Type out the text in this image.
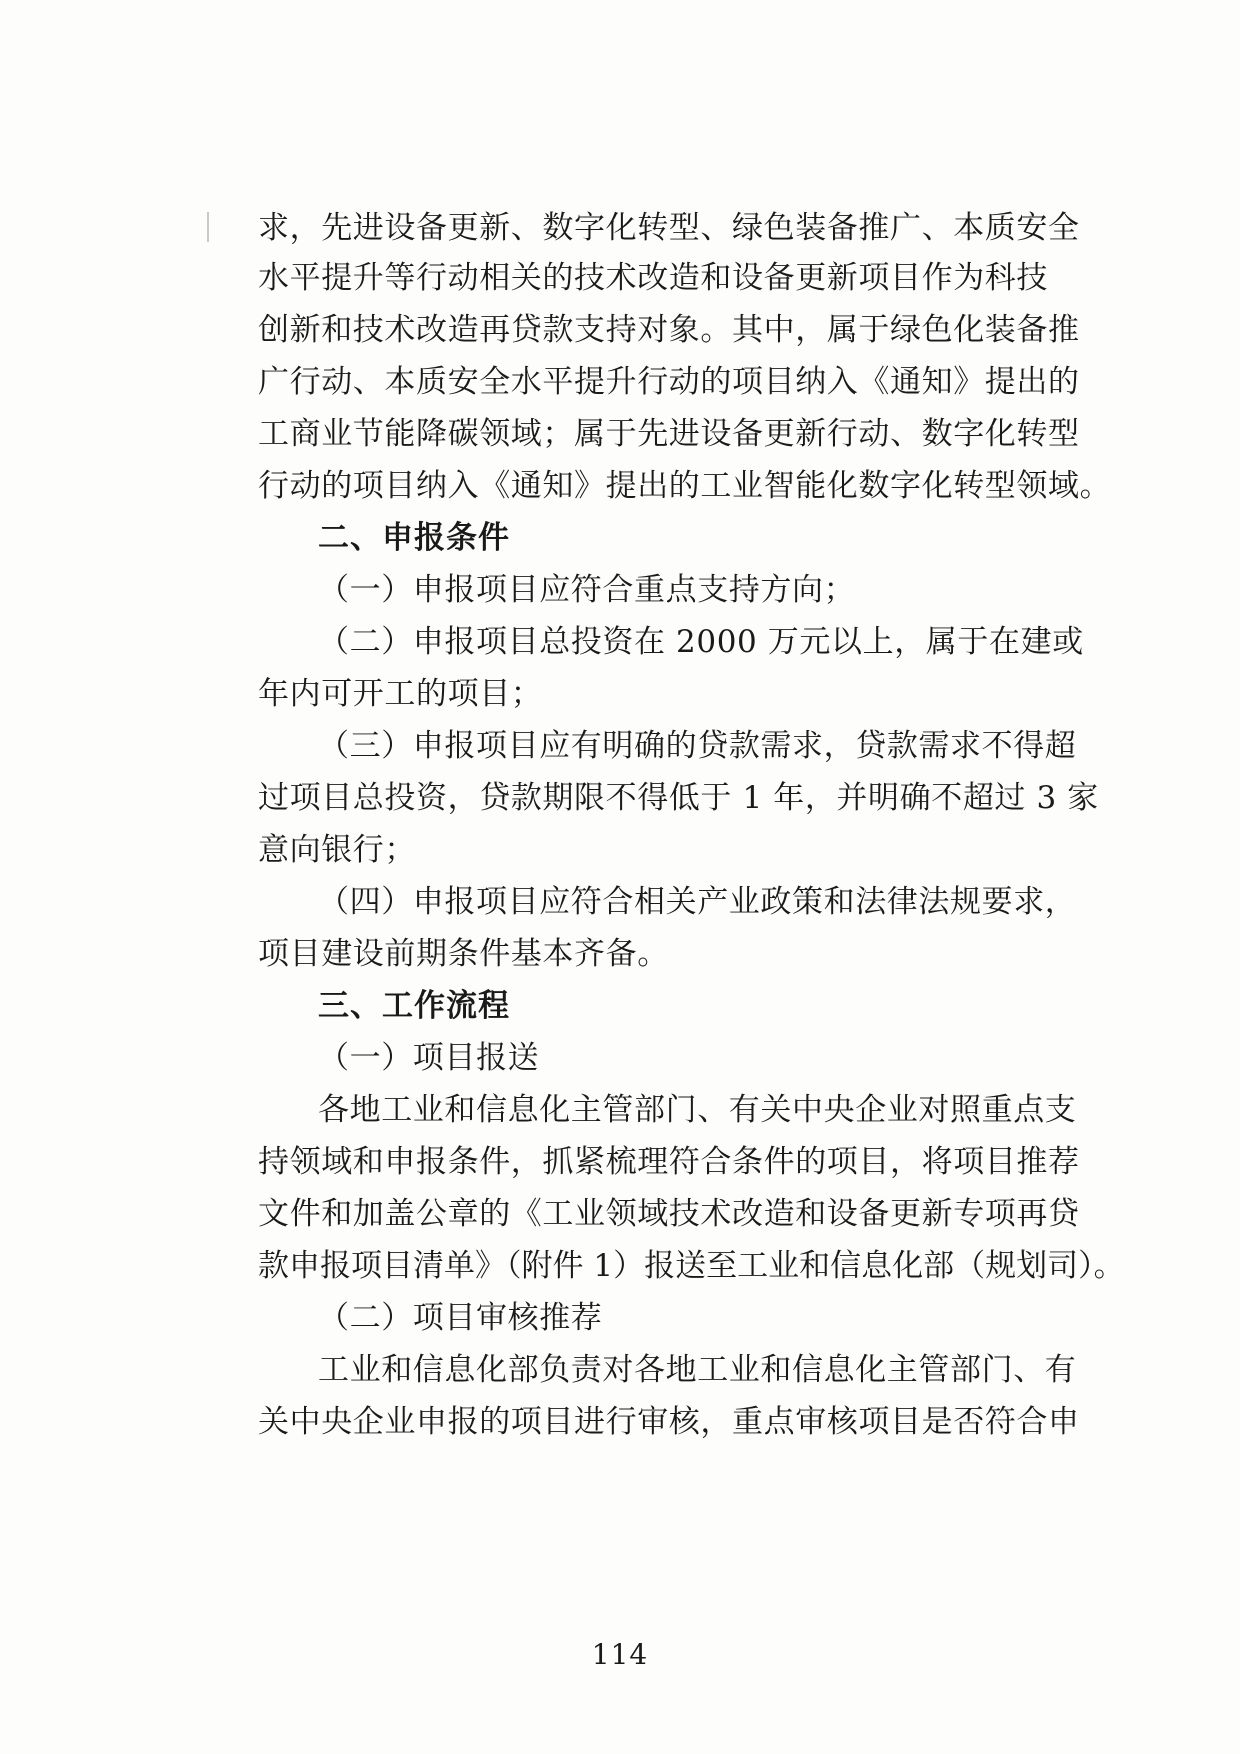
求，先进设备更新、数字化转型、绿色装备推广、本质安全
水平提升等行动相关的技术改造和设备更新项目作为科技
创新和技术改造再贷款支持对象。其中，属于绿色化装备推
广行动、本质安全水平提升行动的项目纳入《通知》提出的
工商业节能降碳领域；属于先进设备更新行动、数字化转型
行动的项目纳入《通知》提出的工业智能化数字化转型领域。
二、申报条件
（一）申报项目应符合重点支持方向；
（二）申报项目总投资在 2000 万元以上，属于在建或
年内可开工的项目；
（三）申报项目应有明确的贷款需求，贷款需求不得超
过项目总投资，贷款期限不得低于 1 年，并明确不超过 3 家
意向银行；
（四）申报项目应符合相关产业政策和法律法规要求，
项目建设前期条件基本齐备。
三、工作流程
（一）项目报送
各地工业和信息化主管部门、有关中央企业对照重点支
持领域和申报条件，抓紧梳理符合条件的项目，将项目推荐
文件和加盖公章的《工业领域技术改造和设备更新专项再贷
款申报项目清单》（附件 1）报送至工业和信息化部（规划司）。
（二）项目审核推荐
工业和信息化部负责对各地工业和信息化主管部门、有
关中央企业申报的项目进行审核，重点审核项目是否符合申
114
